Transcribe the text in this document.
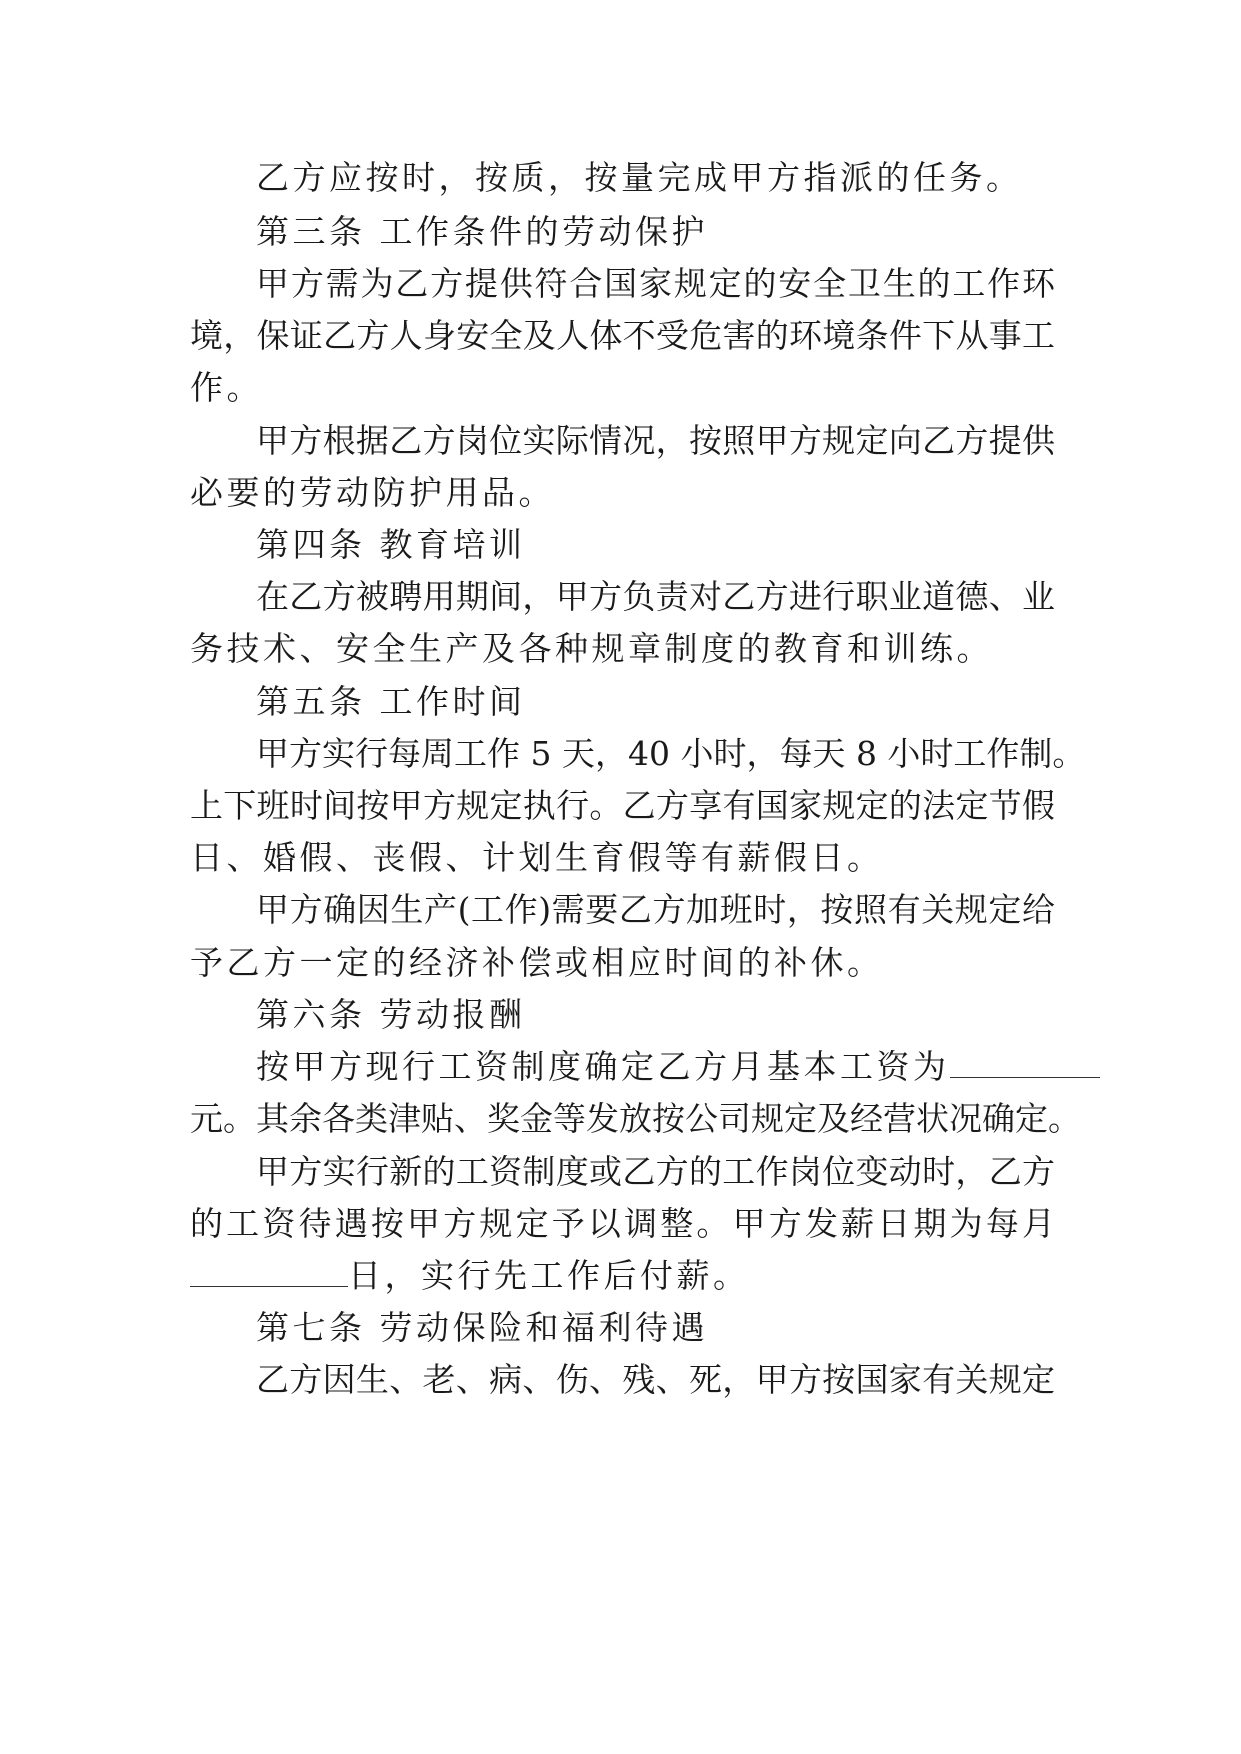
乙方应按时，按质，按量完成甲方指派的任务。
第三条 工作条件的劳动保护
甲方需为乙方提供符合国家规定的安全卫生的工作环
境，保证乙方人身安全及人体不受危害的环境条件下从事工
作。
甲方根据乙方岗位实际情况，按照甲方规定向乙方提供
必要的劳动防护用品。
第四条 教育培训
在乙方被聘用期间，甲方负责对乙方进行职业道德、业
务技术、安全生产及各种规章制度的教育和训练。
第五条 工作时间
甲方实行每周工作 5 天，40 小时，每天 8 小时工作制。
上下班时间按甲方规定执行。乙方享有国家规定的法定节假
日、婚假、丧假、计划生育假等有薪假日。
甲方确因生产(工作)需要乙方加班时，按照有关规定给
予乙方一定的经济补偿或相应时间的补休。
第六条 劳动报酬
按甲方现行工资制度确定乙方月基本工资为
元。其余各类津贴、奖金等发放按公司规定及经营状况确定。
甲方实行新的工资制度或乙方的工作岗位变动时，乙方
的工资待遇按甲方规定予以调整。甲方发薪日期为每月
日，实行先工作后付薪。
第七条 劳动保险和福利待遇
乙方因生、老、病、伤、残、死，甲方按国家有关规定
